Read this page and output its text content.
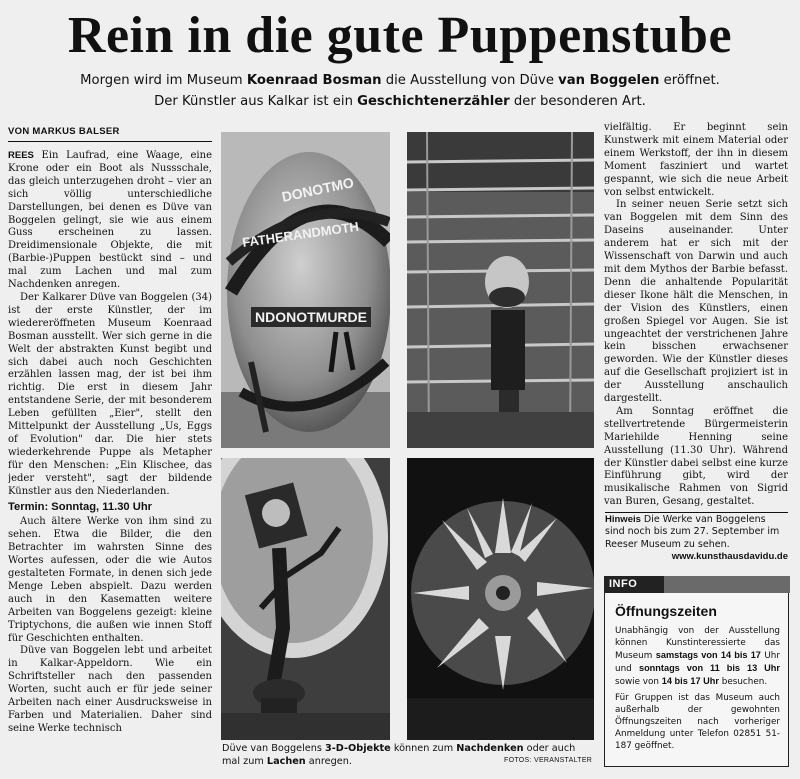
Rein in die gute Puppenstube
Morgen wird im Museum Koenraad Bosman die Ausstellung von Düve van Boggelen eröffnet.
Der Künstler aus Kalkar ist ein Geschichtenerzähler der besonderen Art.
VON MARKUS BALSER

REES Ein Laufrad, eine Waage, eine Krone oder ein Boot als Nussschale, das gleich unterzugehen droht – vier an sich völlig unterschiedliche Darstellungen, bei denen es Düve van Boggelen gelingt, sie wie aus einem Guss erscheinen zu lassen. Dreidimensionale Objekte, die mit (Barbie-)Puppen bestückt sind – und mal zum Lachen und mal zum Nachdenken anregen.

Der Kalkarer Düve van Boggelen (34) ist der erste Künstler, der im wiedereröffneten Museum Koenraad Bosman ausstellt. Wer sich gerne in die Welt der abstrakten Kunst begibt und sich dabei auch noch Geschichten erzählen lassen mag, der ist bei ihm richtig. Die erst in diesem Jahr entstandene Serie, der mit besonderem Leben gefüllten „Eier", stellt den Mittelpunkt der Ausstellung „Us, Eggs of Evolution" dar. Die hier stets wiederkehrende Puppe als Metapher für den Menschen: „Ein Klischee, das jeder versteht", sagt der bildende Künstler aus den Niederlanden.

Termin: Sonntag, 11.30 Uhr

Auch ältere Werke von ihm sind zu sehen. Etwa die Bilder, die den Betrachter im wahrsten Sinne des Wortes aufessen, oder die wie Autos gestalteten Formate, in denen sich jede Menge Leben abspielt. Dazu werden auch in den Kasematten weitere Arbeiten van Boggelens gezeigt: kleine Triptychons, die außen wie innen Stoff für Geschichten enthalten.

Düve van Boggelen lebt und arbeitet in Kalkar-Appeldorn. Wie ein Schriftsteller nach den passenden Worten, sucht auch er für jede seiner Arbeiten nach einer Ausdrucksweise in Farben und Materialien. Daher sind seine Werke technisch

DONOTMO
FATHERANDMOTH
NDONOTMURDE
Düve van Boggelens 3-D-Objekte können zum Nachdenken oder auch mal zum Lachen anregen.	FOTOS: VERANSTALTER

vielfältig. Er beginnt sein Kunstwerk mit einem Material oder einem Werkstoff, der ihn in diesem Moment fasziniert und wartet gespannt, wie sich die neue Arbeit von selbst entwickelt.

In seiner neuen Serie setzt sich van Boggelen mit dem Sinn des Daseins auseinander. Unter anderem hat er sich mit der Wissenschaft von Darwin und auch mit dem Mythos der Barbie befasst. Denn die anhaltende Popularität dieser Ikone hält die Menschen, in der Vision des Künstlers, einen großen Spiegel vor Augen. Sie ist ungeachtet der verstrichenen Jahre kein bisschen erwachsener geworden. Wie der Künstler dieses auf die Gesellschaft projiziert ist in der Ausstellung anschaulich dargestellt.

Am Sonntag eröffnet die stellvertretende Bürgermeisterin Mariehilde Henning seine Ausstellung (11.30 Uhr). Während der Künstler dabei selbst eine kurze Einführung gibt, wird der musikalische Rahmen von Sigrid van Buren, Gesang, gestaltet.

Hinweis Die Werke van Boggelens sind noch bis zum 27. September im Reeser Museum zu sehen.
www.kunsthausdavidu.de
INFO
Öffnungszeiten

Unabhängig von der Ausstellung können Kunstinteressierte das Museum samstags von 14 bis 17 Uhr und sonntags von 11 bis 13 Uhr sowie von 14 bis 17 Uhr besuchen.

Für Gruppen ist das Museum auch außerhalb der gewohnten Öffnungszeiten nach vorheriger Anmeldung unter Telefon 02851 51-187 geöffnet.
